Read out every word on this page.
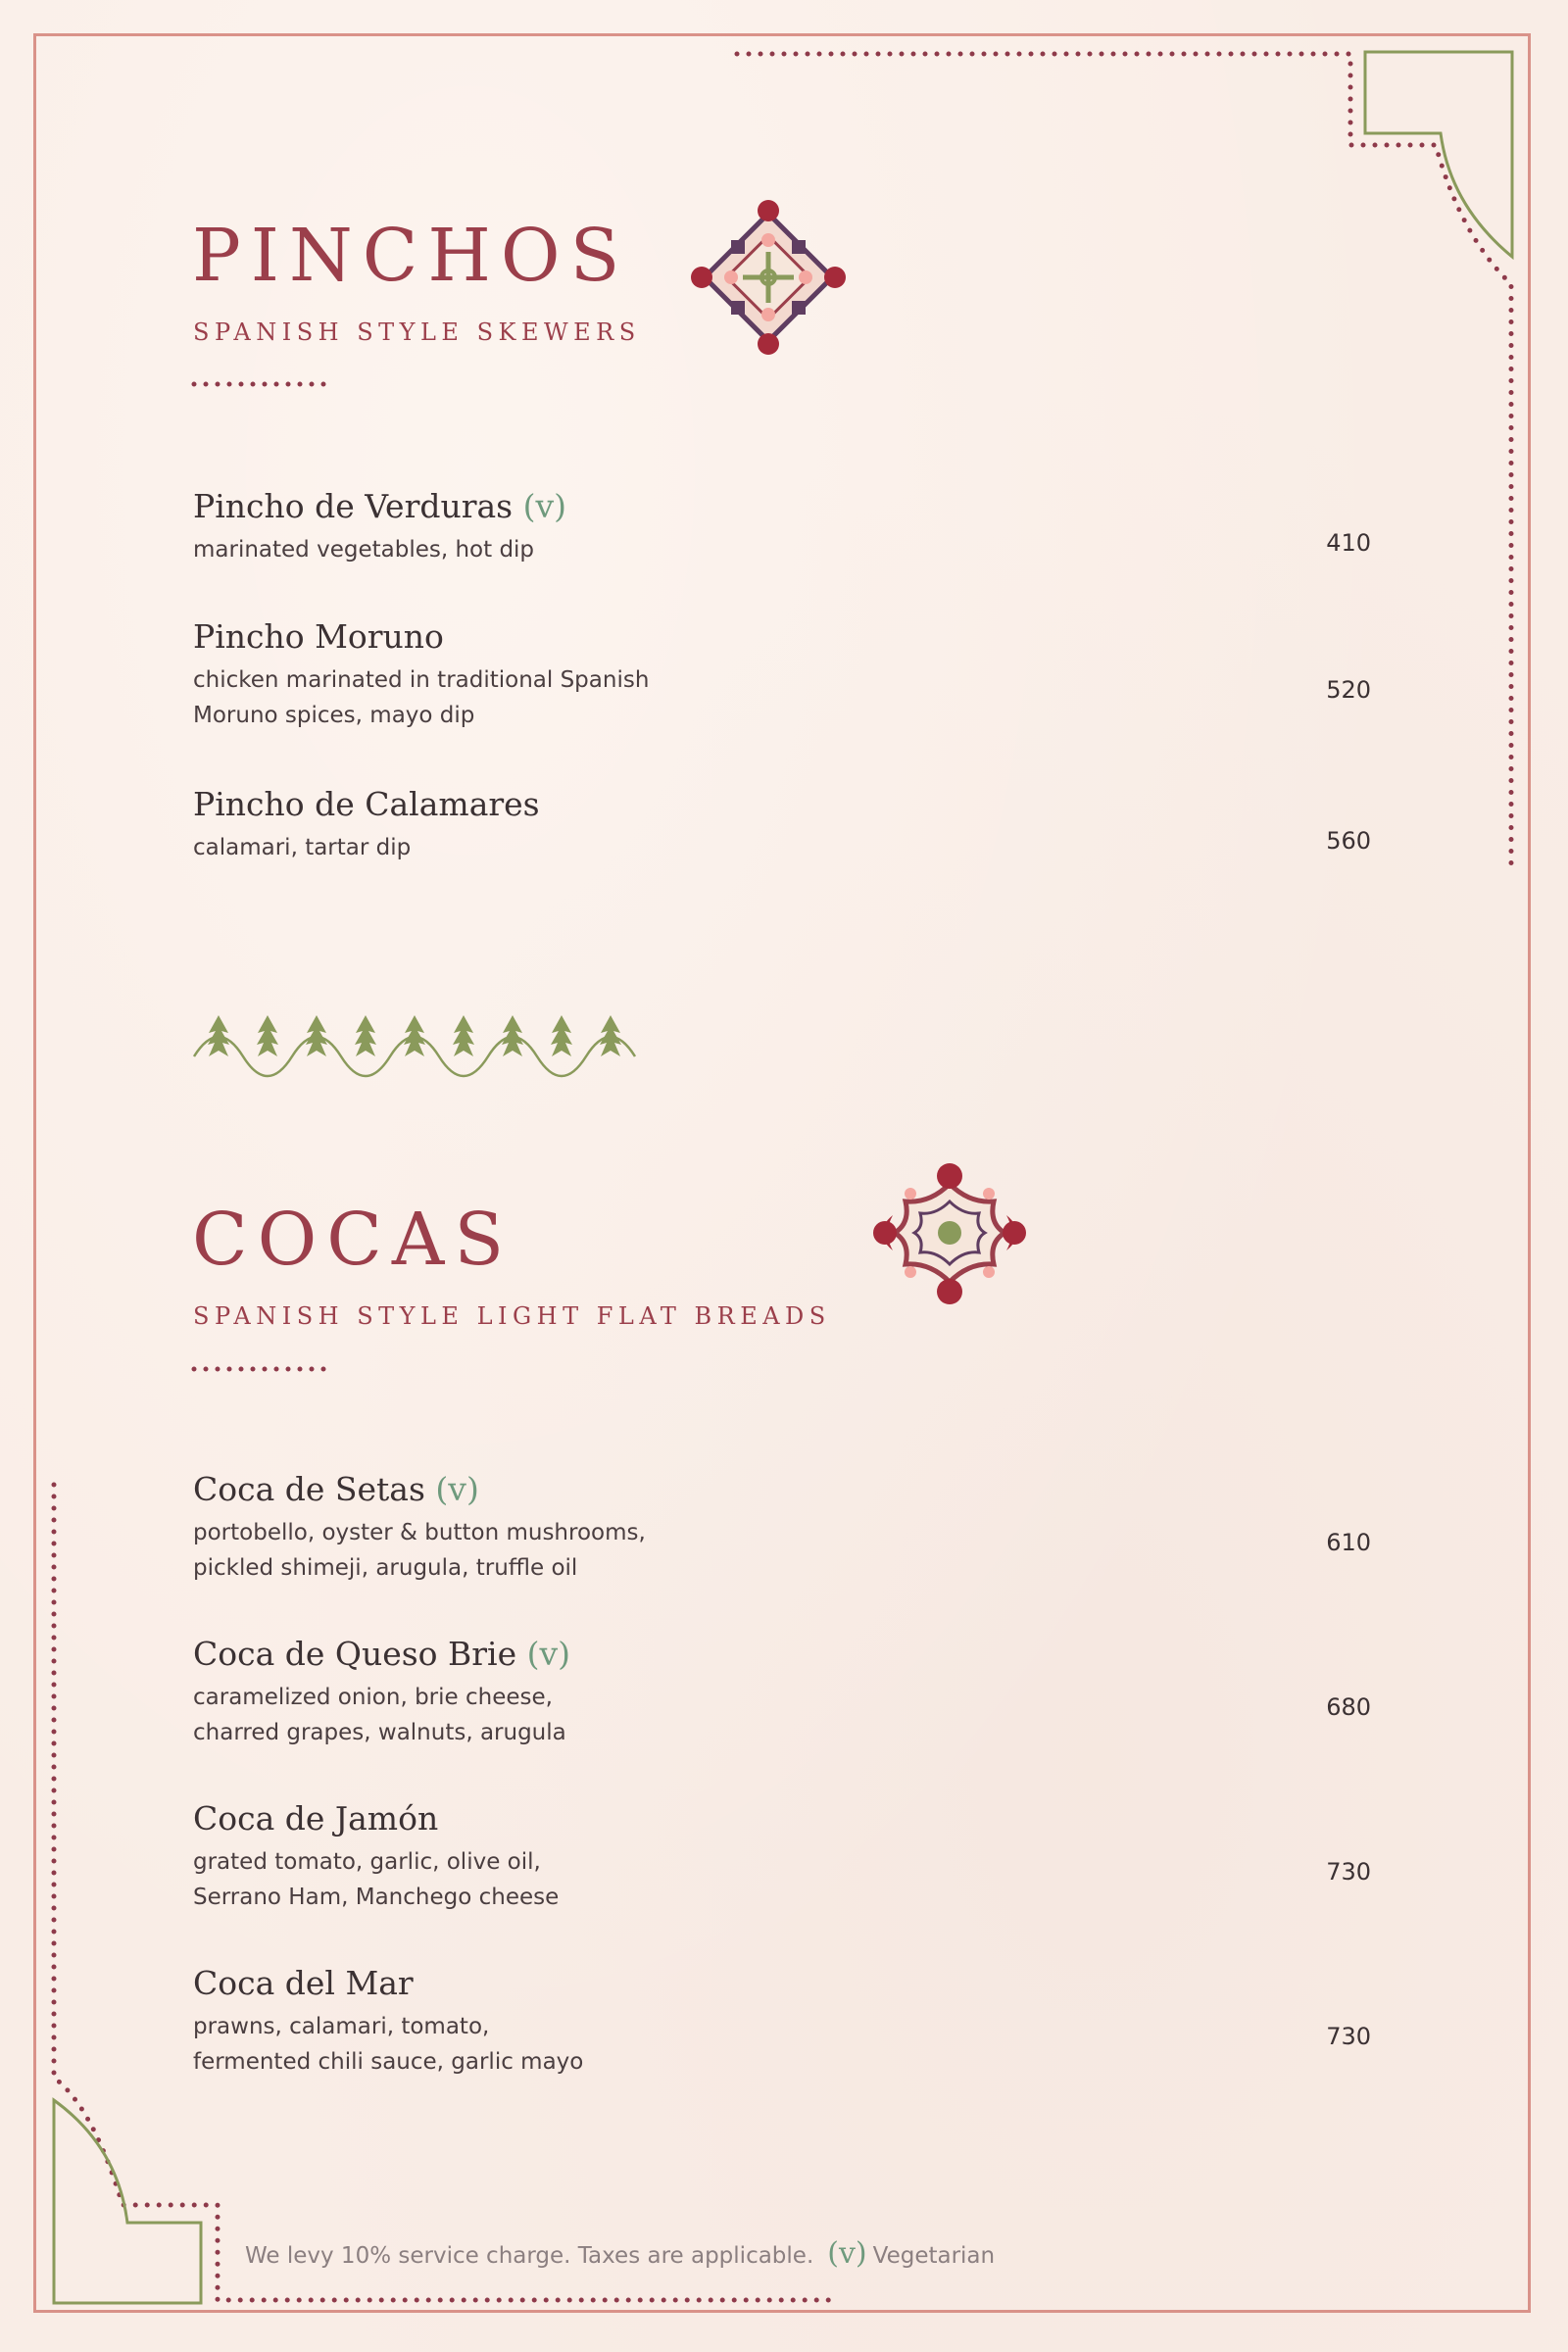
PINCHOS
SPANISH STYLE SKEWERS
Pincho de Verduras (v)
marinated vegetables, hot dip	410
Pincho Moruno
chicken marinated in traditional Spanish
Moruno spices, mayo dip
520
Pincho de Calamares
calamari, tartar dip	560
COCAS
SPANISH STYLE LIGHT FLAT BREADS
Coca de Setas (v)
portobello, oyster & button mushrooms,
pickled shimeji, arugula, truffle oil
610
Coca de Queso Brie (v)
caramelized onion, brie cheese,
charred grapes, walnuts, arugula
680
Coca de Jamón
grated tomato, garlic, olive oil,
Serrano Ham, Manchego cheese
730
Coca del Mar
prawns, calamari, tomato,
fermented chili sauce, garlic mayo
730
We levy 10% service charge. Taxes are applicable. (v) Vegetarian
